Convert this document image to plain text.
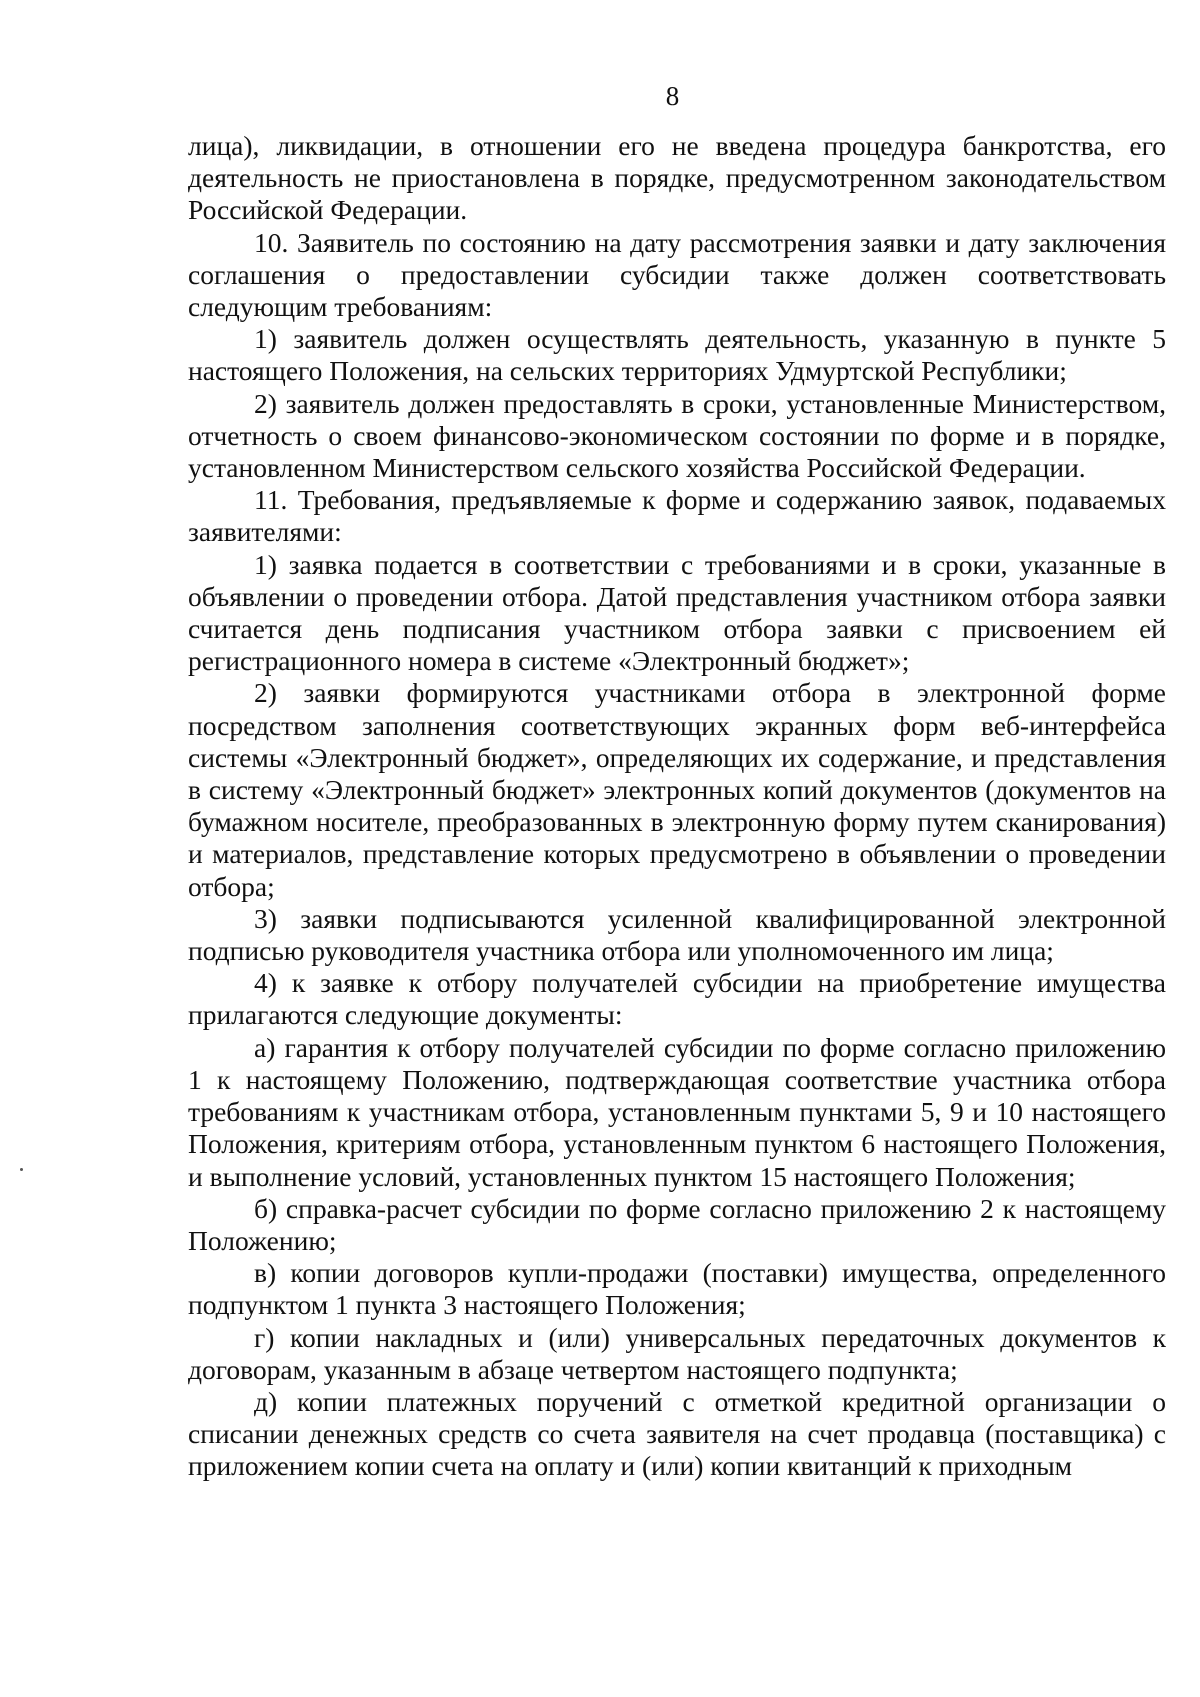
8

лица), ликвидации, в отношении его не введена процедура банкротства, его деятельность не приостановлена в порядке, предусмотренном законодательством Российской Федерации.

10. Заявитель по состоянию на дату рассмотрения заявки и дату заключения соглашения о предоставлении субсидии также должен соответствовать следующим требованиям:

1) заявитель должен осуществлять деятельность, указанную в пункте 5 настоящего Положения, на сельских территориях Удмуртской Республики;

2) заявитель должен предоставлять в сроки, установленные Министерством, отчетность о своем финансово-экономическом состоянии по форме и в порядке, установленном Министерством сельского хозяйства Российской Федерации.

11. Требования, предъявляемые к форме и содержанию заявок, подаваемых заявителями:

1) заявка подается в соответствии с требованиями и в сроки, указанные в объявлении о проведении отбора. Датой представления участником отбора заявки считается день подписания участником отбора заявки с присвоением ей регистрационного номера в системе «Электронный бюджет»;

2) заявки формируются участниками отбора в электронной форме посредством заполнения соответствующих экранных форм веб-интерфейса системы «Электронный бюджет», определяющих их содержание, и представления в систему «Электронный бюджет» электронных копий документов (документов на бумажном носителе, преобразованных в электронную форму путем сканирования) и материалов, представление которых предусмотрено в объявлении о проведении отбора;

3) заявки подписываются усиленной квалифицированной электронной подписью руководителя участника отбора или уполномоченного им лица;

4) к заявке к отбору получателей субсидии на приобретение имущества прилагаются следующие документы:

а) гарантия к отбору получателей субсидии по форме согласно приложению 1 к настоящему Положению, подтверждающая соответствие участника отбора требованиям к участникам отбора, установленным пунктами 5, 9 и 10 настоящего Положения, критериям отбора, установленным пунктом 6 настоящего Положения, и выполнение условий, установленных пунктом 15 настоящего Положения;

б) справка-расчет субсидии по форме согласно приложению 2 к настоящему Положению;

в) копии договоров купли-продажи (поставки) имущества, определенного подпунктом 1 пункта 3 настоящего Положения;

г) копии накладных и (или) универсальных передаточных документов к договорам, указанным в абзаце четвертом настоящего подпункта;

д) копии платежных поручений с отметкой кредитной организации о списании денежных средств со счета заявителя на счет продавца (поставщика) с приложением копии счета на оплату и (или) копии квитанций к приходным
